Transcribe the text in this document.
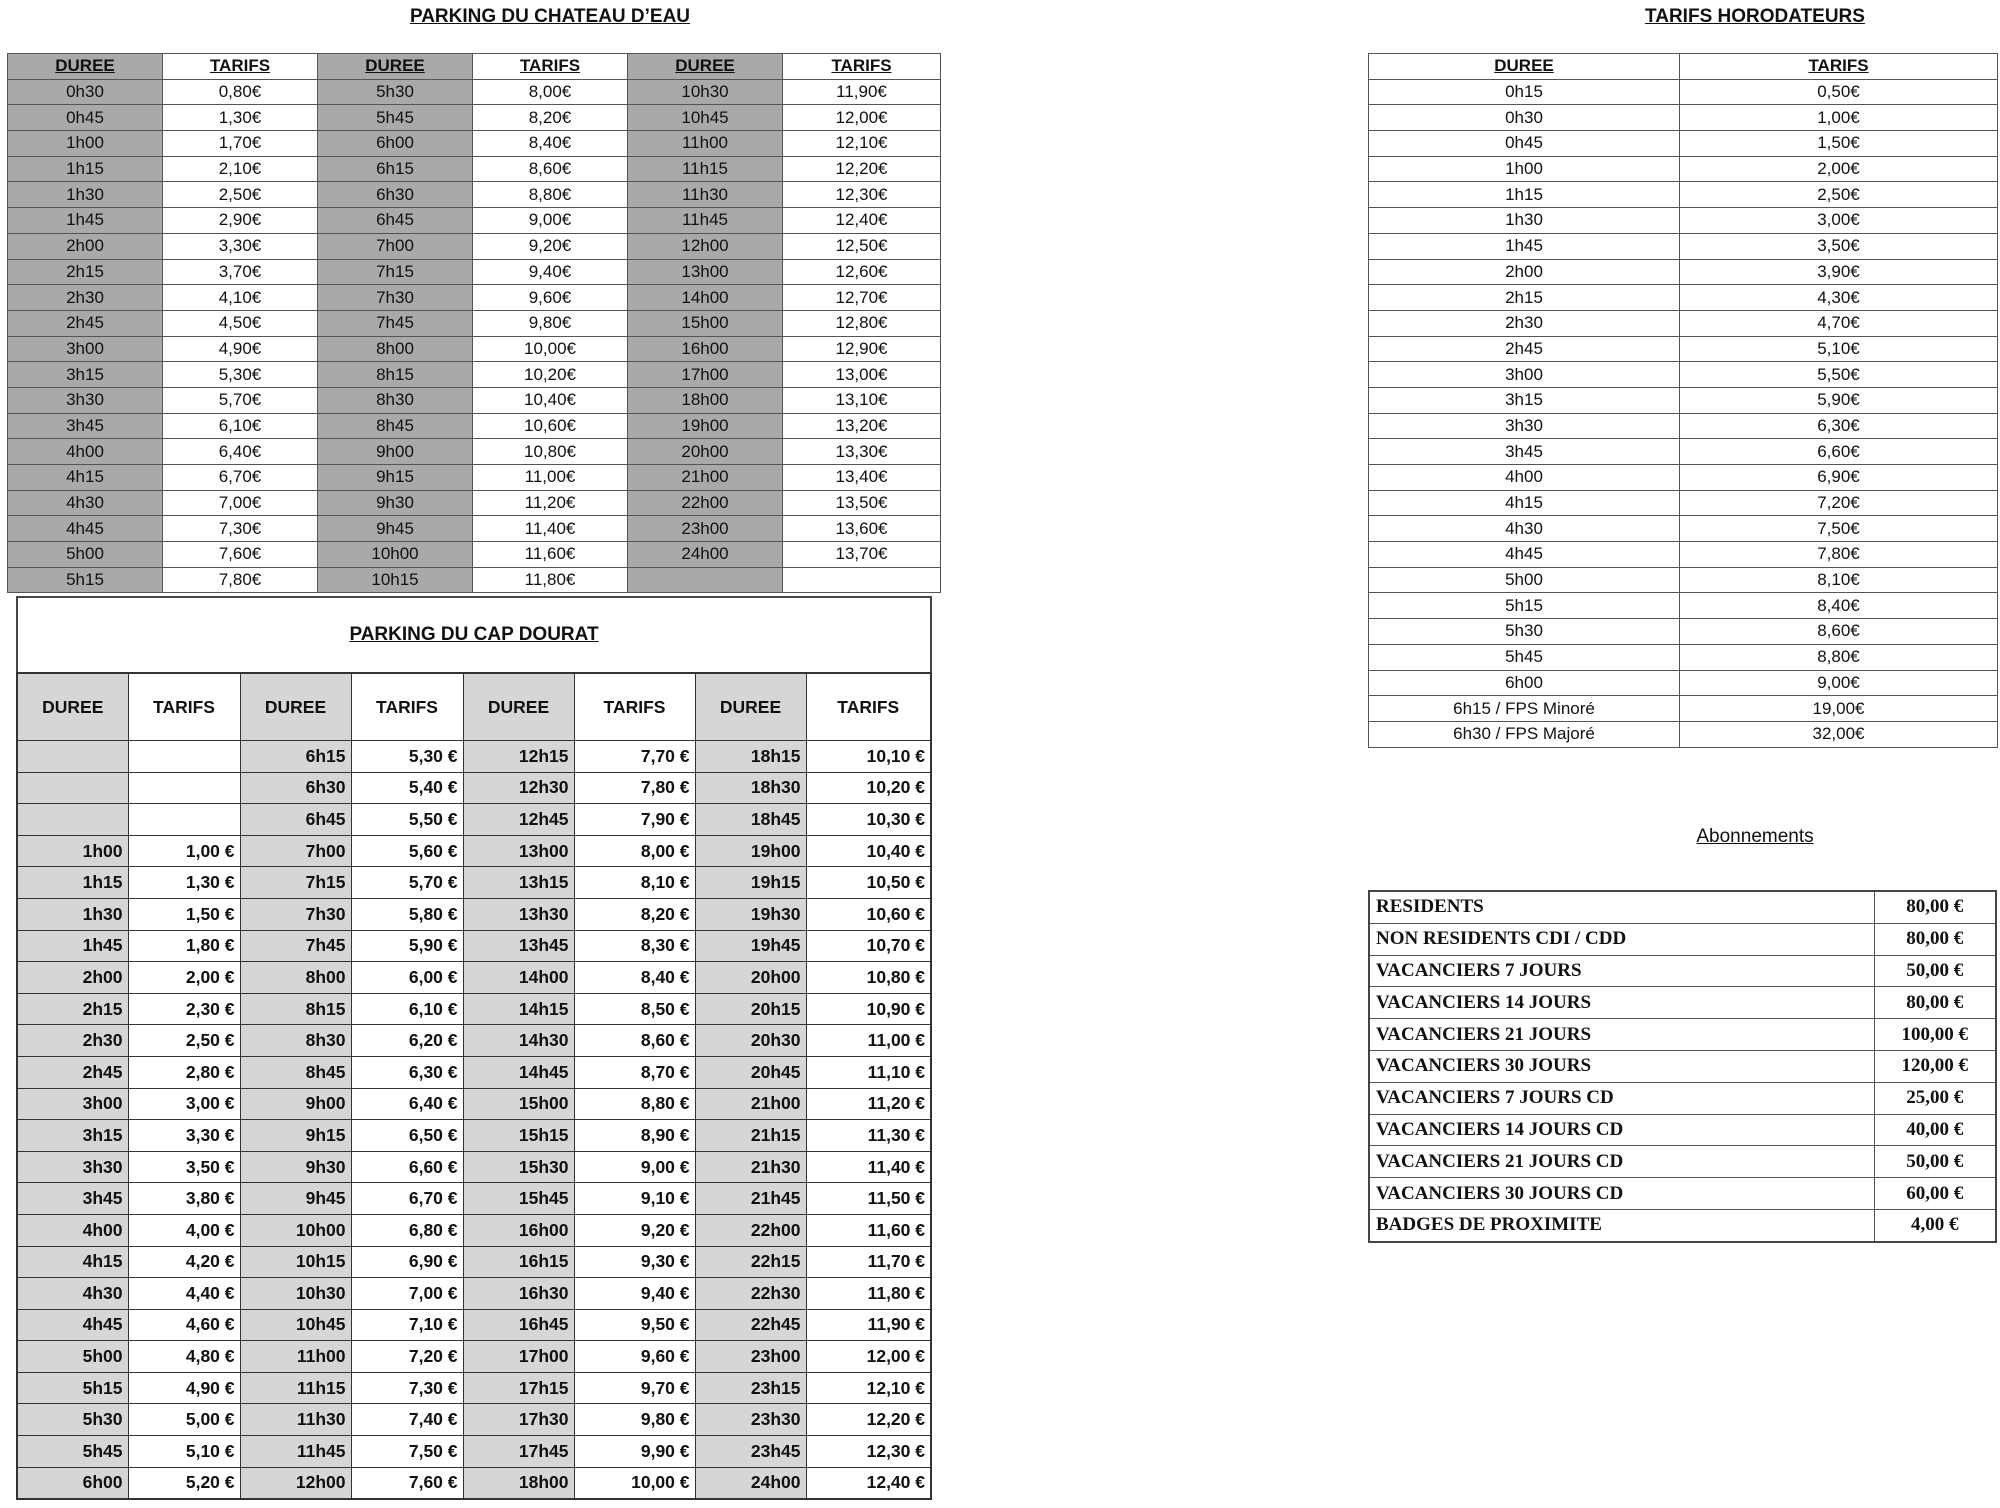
PARKING DU CHATEAU D’EAU
DUREE	TARIFS	DUREE	TARIFS	DUREE	TARIFS
0h30	0,80€	5h30	8,00€	10h30	11,90€
0h45	1,30€	5h45	8,20€	10h45	12,00€
1h00	1,70€	6h00	8,40€	11h00	12,10€
1h15	2,10€	6h15	8,60€	11h15	12,20€
1h30	2,50€	6h30	8,80€	11h30	12,30€
1h45	2,90€	6h45	9,00€	11h45	12,40€
2h00	3,30€	7h00	9,20€	12h00	12,50€
2h15	3,70€	7h15	9,40€	13h00	12,60€
2h30	4,10€	7h30	9,60€	14h00	12,70€
2h45	4,50€	7h45	9,80€	15h00	12,80€
3h00	4,90€	8h00	10,00€	16h00	12,90€
3h15	5,30€	8h15	10,20€	17h00	13,00€
3h30	5,70€	8h30	10,40€	18h00	13,10€
3h45	6,10€	8h45	10,60€	19h00	13,20€
4h00	6,40€	9h00	10,80€	20h00	13,30€
4h15	6,70€	9h15	11,00€	21h00	13,40€
4h30	7,00€	9h30	11,20€	22h00	13,50€
4h45	7,30€	9h45	11,40€	23h00	13,60€
5h00	7,60€	10h00	11,60€	24h00	13,70€
5h15	7,80€	10h15	11,80€		
TARIFS HORODATEURS
DUREE	TARIFS
0h15	0,50€
0h30	1,00€
0h45	1,50€
1h00	2,00€
1h15	2,50€
1h30	3,00€
1h45	3,50€
2h00	3,90€
2h15	4,30€
2h30	4,70€
2h45	5,10€
3h00	5,50€
3h15	5,90€
3h30	6,30€
3h45	6,60€
4h00	6,90€
4h15	7,20€
4h30	7,50€
4h45	7,80€
5h00	8,10€
5h15	8,40€
5h30	8,60€
5h45	8,80€
6h00	9,00€
6h15 / FPS Minoré	19,00€
6h30 / FPS Majoré	32,00€
PARKING DU CAP DOURAT
DUREE	TARIFS	DUREE	TARIFS	DUREE	TARIFS	DUREE	TARIFS
		6h15	5,30 €	12h15	7,70 €	18h15	10,10 €
		6h30	5,40 €	12h30	7,80 €	18h30	10,20 €
		6h45	5,50 €	12h45	7,90 €	18h45	10,30 €
1h00	1,00 €	7h00	5,60 €	13h00	8,00 €	19h00	10,40 €
1h15	1,30 €	7h15	5,70 €	13h15	8,10 €	19h15	10,50 €
1h30	1,50 €	7h30	5,80 €	13h30	8,20 €	19h30	10,60 €
1h45	1,80 €	7h45	5,90 €	13h45	8,30 €	19h45	10,70 €
2h00	2,00 €	8h00	6,00 €	14h00	8,40 €	20h00	10,80 €
2h15	2,30 €	8h15	6,10 €	14h15	8,50 €	20h15	10,90 €
2h30	2,50 €	8h30	6,20 €	14h30	8,60 €	20h30	11,00 €
2h45	2,80 €	8h45	6,30 €	14h45	8,70 €	20h45	11,10 €
3h00	3,00 €	9h00	6,40 €	15h00	8,80 €	21h00	11,20 €
3h15	3,30 €	9h15	6,50 €	15h15	8,90 €	21h15	11,30 €
3h30	3,50 €	9h30	6,60 €	15h30	9,00 €	21h30	11,40 €
3h45	3,80 €	9h45	6,70 €	15h45	9,10 €	21h45	11,50 €
4h00	4,00 €	10h00	6,80 €	16h00	9,20 €	22h00	11,60 €
4h15	4,20 €	10h15	6,90 €	16h15	9,30 €	22h15	11,70 €
4h30	4,40 €	10h30	7,00 €	16h30	9,40 €	22h30	11,80 €
4h45	4,60 €	10h45	7,10 €	16h45	9,50 €	22h45	11,90 €
5h00	4,80 €	11h00	7,20 €	17h00	9,60 €	23h00	12,00 €
5h15	4,90 €	11h15	7,30 €	17h15	9,70 €	23h15	12,10 €
5h30	5,00 €	11h30	7,40 €	17h30	9,80 €	23h30	12,20 €
5h45	5,10 €	11h45	7,50 €	17h45	9,90 €	23h45	12,30 €
6h00	5,20 €	12h00	7,60 €	18h00	10,00 €	24h00	12,40 €
Abonnements
RESIDENTS	80,00 €
NON RESIDENTS CDI / CDD	80,00 €
VACANCIERS 7 JOURS	50,00 €
VACANCIERS 14 JOURS	80,00 €
VACANCIERS 21 JOURS	100,00 €
VACANCIERS 30 JOURS	120,00 €
VACANCIERS 7 JOURS CD	25,00 €
VACANCIERS 14 JOURS CD	40,00 €
VACANCIERS 21 JOURS CD	50,00 €
VACANCIERS 30 JOURS CD	60,00 €
BADGES DE PROXIMITE	4,00 €
